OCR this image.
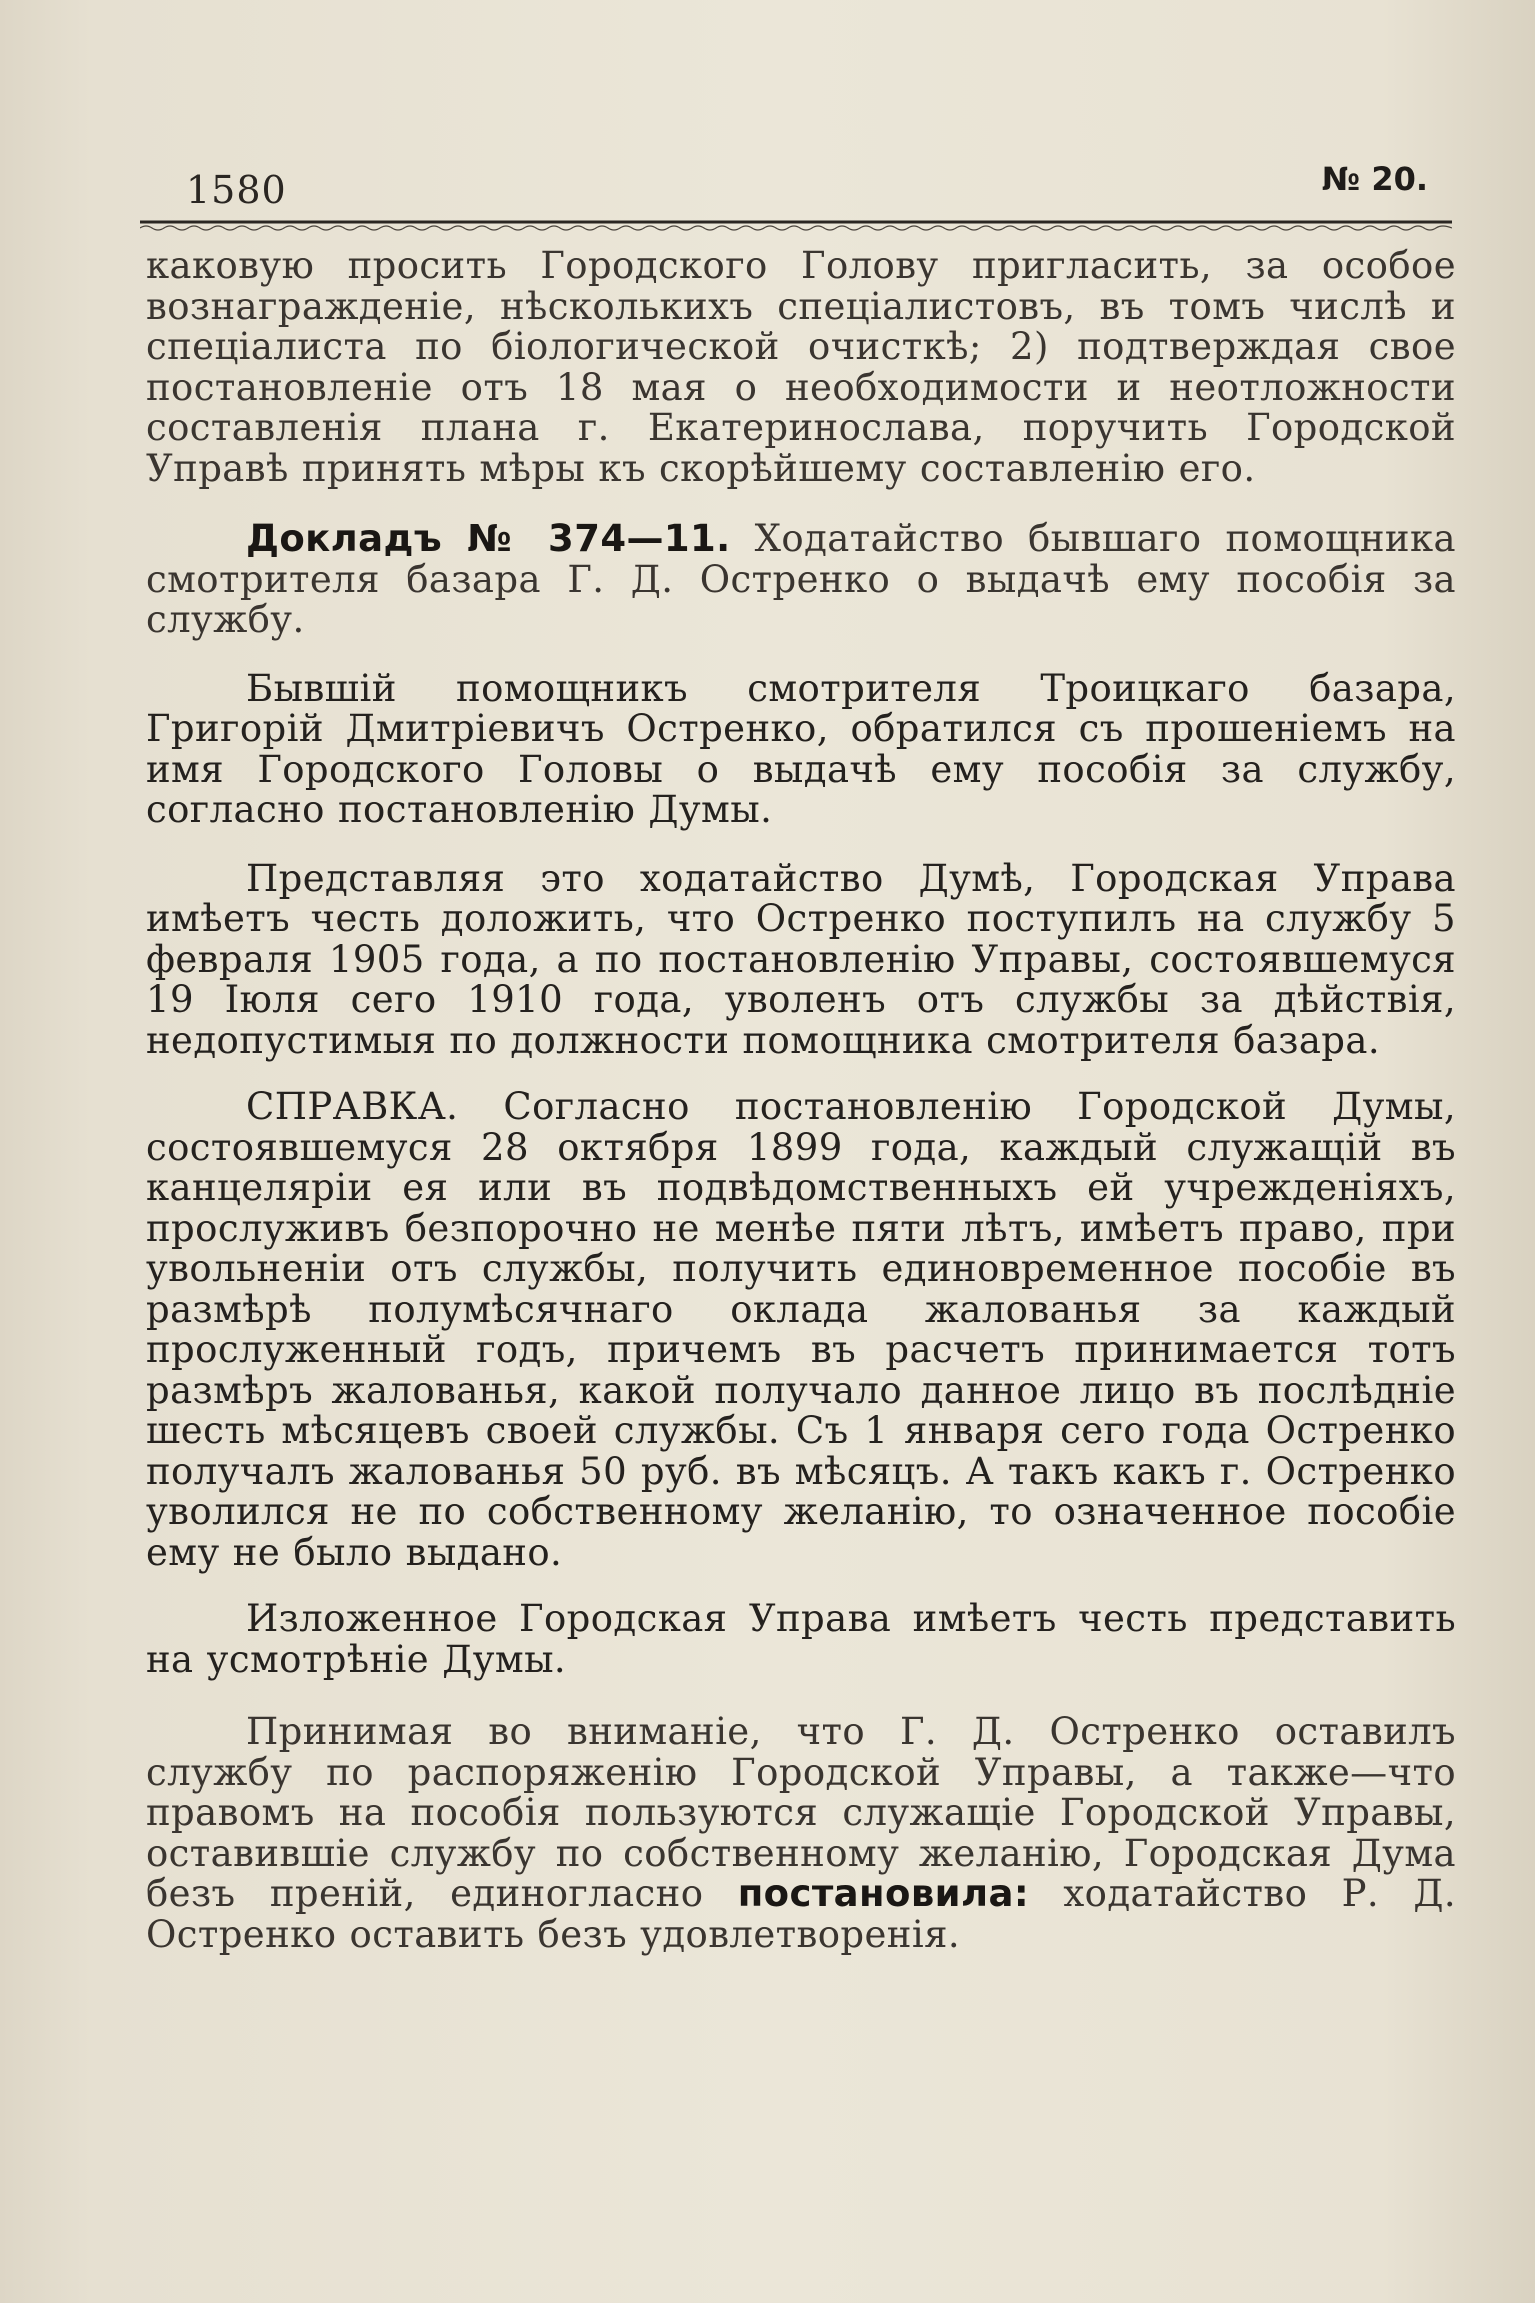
1580	№ 20.

каковую просить Городского Голову пригласить, за особое вознагражденіе, нѣсколькихъ спеціалистовъ, въ томъ числѣ и спеціалиста по біологической очисткѣ; 2) подтверждая свое постановленіе отъ 18 мая о необходимости и неотложности составленія плана г. Екатеринослава, поручить Городской Управѣ принять мѣры къ скорѣйшему составленію его.

Докладъ № 374—11. Ходатайство бывшаго помощника смотрителя базара Г. Д. Остренко о выдачѣ ему пособія за службу.

Бывшій помощникъ смотрителя Троицкаго базара, Григорій Дмитріевичъ Остренко, обратился съ прошеніемъ на имя Городского Головы о выдачѣ ему пособія за службу, согласно постановленію Думы.

Представляя это ходатайство Думѣ, Городская Управа имѣетъ честь доложить, что Остренко поступилъ на службу 5 февраля 1905 года, а по постановленію Управы, состоявшемуся 19 Іюля сего 1910 года, уволенъ отъ службы за дѣйствія, недопустимыя по должности помощника смотрителя базара.

СПРАВКА. Согласно постановленію Городской Думы, состоявшемуся 28 октября 1899 года, каждый служащій въ канцеляріи ея или въ подвѣдомственныхъ ей учрежденіяхъ, прослуживъ безпорочно не менѣе пяти лѣтъ, имѣетъ право, при увольненіи отъ службы, получить единовременное пособіе въ размѣрѣ полумѣсячнаго оклада жалованья за каждый прослуженный годъ, причемъ въ расчетъ принимается тотъ размѣръ жалованья, какой получало данное лицо въ послѣдніе шесть мѣсяцевъ своей службы. Съ 1 января сего года Остренко получалъ жалованья 50 руб. въ мѣсяцъ. А такъ какъ г. Остренко уволился не по собственному желанію, то означенное пособіе ему не было выдано.

Изложенное Городская Управа имѣетъ честь представить на усмотрѣніе Думы.

Принимая во вниманіе, что Г. Д. Остренко оставилъ службу по распоряженію Городской Управы, а также—что правомъ на пособія пользуются служащіе Городской Управы, оставившіе службу по собственному желанію, Городская Дума безъ преній, единогласно постановила: ходатайство Р. Д. Остренко оставить безъ удовлетворенія.
